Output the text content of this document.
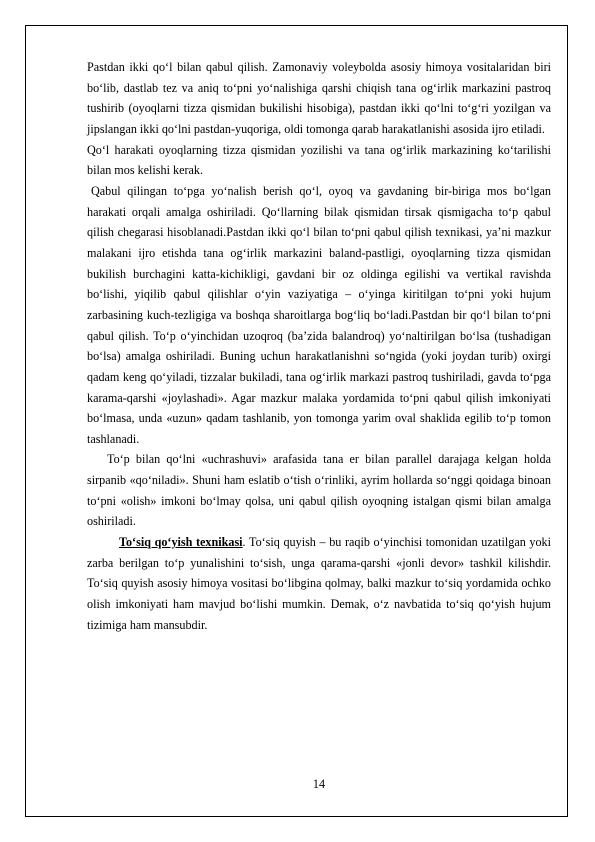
Pastdan ikki qo‘l bilan qabul qilish. Zamonaviy voleybolda asosiy himoya vositalaridan biri bo‘lib, dastlab tez va aniq to‘pni yo‘nalishiga qarshi chiqish tana og‘irlik markazini pastroq tushirib (oyoqlarni tizza qismidan bukilishi hisobiga), pastdan ikki qo‘lni to‘g‘ri yozilgan va jipslangan ikki qo‘lni pastdan-yuqoriga, oldi tomonga qarab harakatlanishi asosida ijro etiladi.

Qo‘l harakati oyoqlarning tizza qismidan yozilishi va tana og‘irlik markazining ko‘tarilishi bilan mos kelishi kerak.

Qabul qilingan to‘pga yo‘nalish berish qo‘l, oyoq va gavdaning bir-biriga mos bo‘lgan harakati orqali amalga oshiriladi. Qo‘llarning bilak qismidan tirsak qismigacha to‘p qabul qilish chegarasi hisoblanadi.Pastdan ikki qo‘l bilan to‘pni qabul qilish texnikasi, ya’ni mazkur malakani ijro etishda tana og‘irlik markazini baland-pastligi, oyoqlarning tizza qismidan bukilish burchagini katta-kichikligi, gavdani bir oz oldinga egilishi va vertikal ravishda bo‘lishi, yiqilib qabul qilishlar o‘yin vaziyatiga – o‘yinga kiritilgan to‘pni yoki hujum zarbasining kuch-tezligiga va boshqa sharoitlarga bog‘liq bo‘ladi.Pastdan bir qo‘l bilan to‘pni qabul qilish. To‘p o‘yinchidan uzoqroq (ba’zida balandroq) yo‘naltirilgan bo‘lsa (tushadigan bo‘lsa) amalga oshiriladi. Buning uchun harakatlanishni so‘ngida (yoki joydan turib) oxirgi qadam keng qo‘yiladi, tizzalar bukiladi, tana og‘irlik markazi pastroq tushiriladi, gavda to‘pga karama-qarshi «joylashadi». Agar mazkur malaka yordamida to‘pni qabul qilish imkoniyati bo‘lmasa, unda «uzun» qadam tashlanib, yon tomonga yarim oval shaklida egilib to‘p tomon tashlanadi.

To‘p bilan qo‘lni «uchrashuvi» arafasida tana er bilan parallel darajaga kelgan holda sirpanib «qo‘niladi». Shuni ham eslatib o‘tish o‘rinliki, ayrim hollarda so‘nggi qoidaga binoan to‘pni «olish» imkoni bo‘lmay qolsa, uni qabul qilish oyoqning istalgan qismi bilan amalga oshiriladi.

To‘siq qo‘yish texnikasi. To‘siq quyish – bu raqib o‘yinchisi tomonidan uzatilgan yoki zarba berilgan to‘p yunalishini to‘sish, unga qarama-qarshi «jonli devor» tashkil kilishdir. To‘siq quyish asosiy himoya vositasi bo‘libgina qolmay, balki mazkur to‘siq yordamida ochko olish imkoniyati ham mavjud bo‘lishi mumkin. Demak, o‘z navbatida to‘siq qo‘yish hujum tizimiga ham mansubdir.

14
